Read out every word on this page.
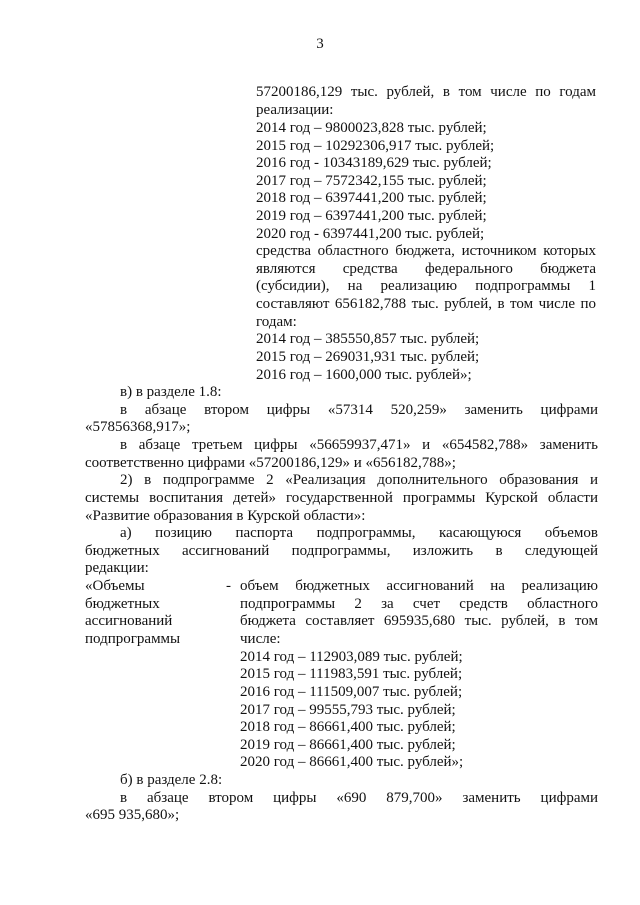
3
57200186,129 тыс. рублей, в том числе по годам
реализации:
2014 год – 9800023,828 тыс. рублей;
2015 год – 10292306,917 тыс. рублей;
2016 год - 10343189,629 тыс. рублей;
2017 год – 7572342,155 тыс. рублей;
2018 год – 6397441,200 тыс. рублей;
2019 год – 6397441,200 тыс. рублей;
2020 год - 6397441,200 тыс. рублей;
средства областного бюджета, источником которых
являются средства федерального бюджета
(субсидии), на реализацию подпрограммы 1
составляют 656182,788 тыс. рублей, в том числе по
годам:
2014 год – 385550,857 тыс. рублей;
2015 год – 269031,931 тыс. рублей;
2016 год – 1600,000 тыс. рублей»;
в) в разделе 1.8:
в абзаце втором цифры «57314 520,259» заменить цифрами
«57856368,917»;
в абзаце третьем цифры «56659937,471» и «654582,788» заменить
соответственно цифрами «57200186,129» и «656182,788»;
2) в подпрограмме 2 «Реализация дополнительного образования и
системы воспитания детей» государственной программы Курской области
«Развитие образования в Курской области»:
а) позицию паспорта подпрограммы, касающуюся объемов
бюджетных ассигнований подпрограммы, изложить в следующей
редакции:
«Объемы
бюджетных
ассигнований
подпрограммы
- объем бюджетных ассигнований на реализацию
подпрограммы 2 за счет средств областного
бюджета составляет 695935,680 тыс. рублей, в том
числе:
2014 год – 112903,089 тыс. рублей;
2015 год – 111983,591 тыс. рублей;
2016 год – 111509,007 тыс. рублей;
2017 год – 99555,793 тыс. рублей;
2018 год – 86661,400 тыс. рублей;
2019 год – 86661,400 тыс. рублей;
2020 год – 86661,400 тыс. рублей»;
б) в разделе 2.8:
в абзаце втором цифры «690 879,700» заменить цифрами
«695 935,680»;
